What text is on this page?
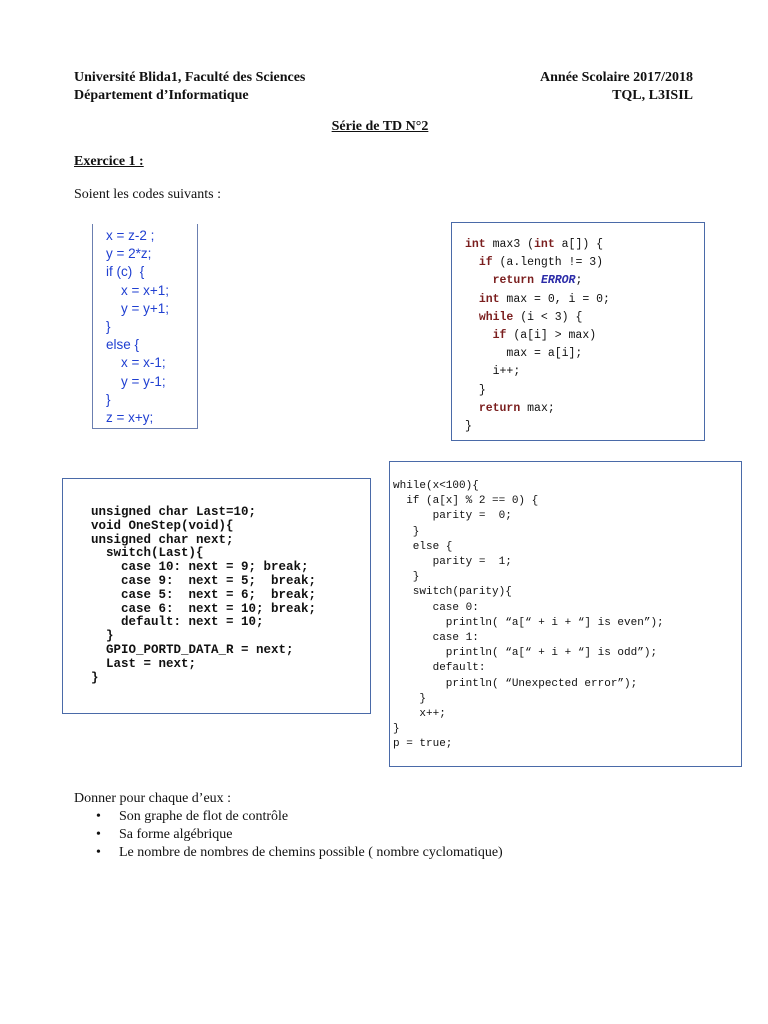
Université Blida1, Faculté des Sciences
Département d’Informatique
Année Scolaire 2017/2018
TQL, L3ISIL
Série de TD N°2
Exercice 1 :
Soient les codes suivants :
x = z-2 ;
y = 2*z;
if (c)  {
x = x+1;
y = y+1;
}
else {
x = x-1;
y = y-1;
}
z = x+y;
int max3 (int a[]) {
if (a.length != 3)
return ERROR;
int max = 0, i = 0;
while (i < 3) {
if (a[i] > max)
max = a[i];
i++;
}
return max;
}
unsigned char Last=10;
void OneStep(void){
unsigned char next;
switch(Last){
case 10: next = 9; break;
case 9:  next = 5;  break;
case 5:  next = 6;  break;
case 6:  next = 10; break;
default: next = 10;
}
GPIO_PORTD_DATA_R = next;
Last = next;
}
while(x<100){
if (a[x] % 2 == 0) {
parity =  0;
}
else {
parity =  1;
}
switch(parity){
case 0:
println( “a[“ + i + “] is even”);
case 1:
println( “a[“ + i + “] is odd”);
default:
println( “Unexpected error”);
}
x++;
}
p = true;
Donner pour chaque d’eux :
• Son graphe de flot de contrôle
• Sa forme algébrique
• Le nombre de nombres de chemins possible ( nombre cyclomatique)
